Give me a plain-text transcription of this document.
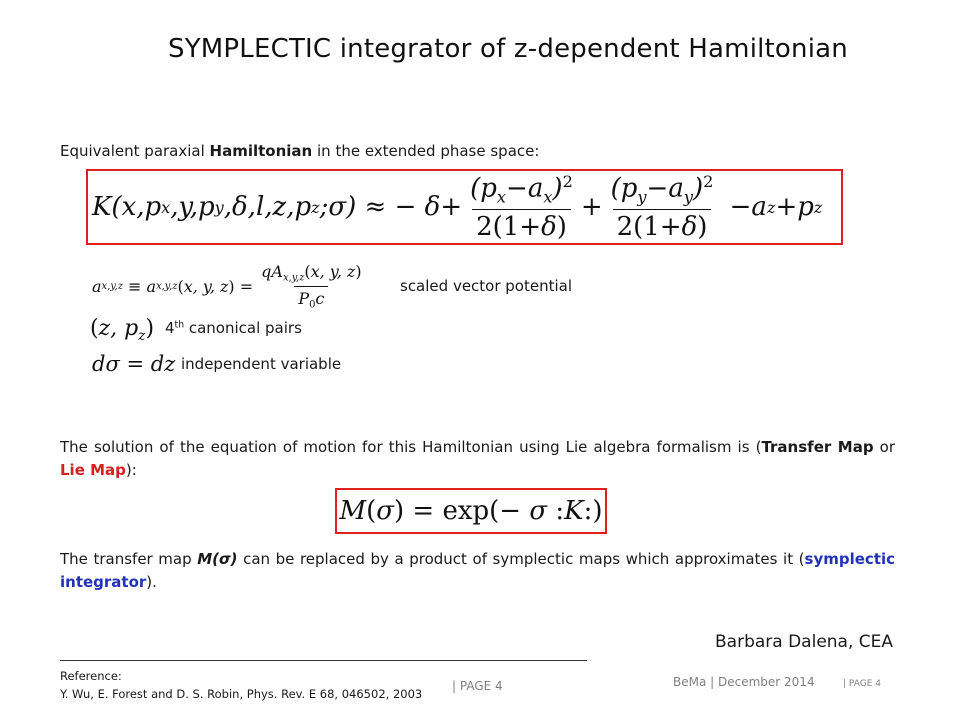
SYMPLECTIC integrator of z-dependent Hamiltonian
Equivalent paraxial Hamiltonian in the extended phase space:
K(x,p x ,y,p y ,δ,l,z,p z ;σ) ≈ − $\delta + \frac{(p_x-a_x)^2}{2(1+\delta)} + \frac{(p_y-a_y)^2}{2(1+\delta)} - a$ z + p z
a x,y,z ≡ a x,y,z ( x, y, z ) = $\frac{qA_{x,y,z}(x, y, z)}{P_0c}$ scaled vector potential
(z, $p_z$) 4th canonical pairs
dσ = dz independent variable
The solution of the equation of motion for this Hamiltonian using Lie algebra formalism is (Transfer Map or Lie Map):
M ( σ ) = exp(− σ : K :)
The transfer map M(σ) can be replaced by a product of symplectic maps which approximates it (symplectic integrator).
Barbara Dalena, CEA
Reference:
Y. Wu, E. Forest and D. S. Robin, Phys. Rev. E 68, 046502, 2003
| PAGE 4	BeMa | December 2014	| PAGE 4
